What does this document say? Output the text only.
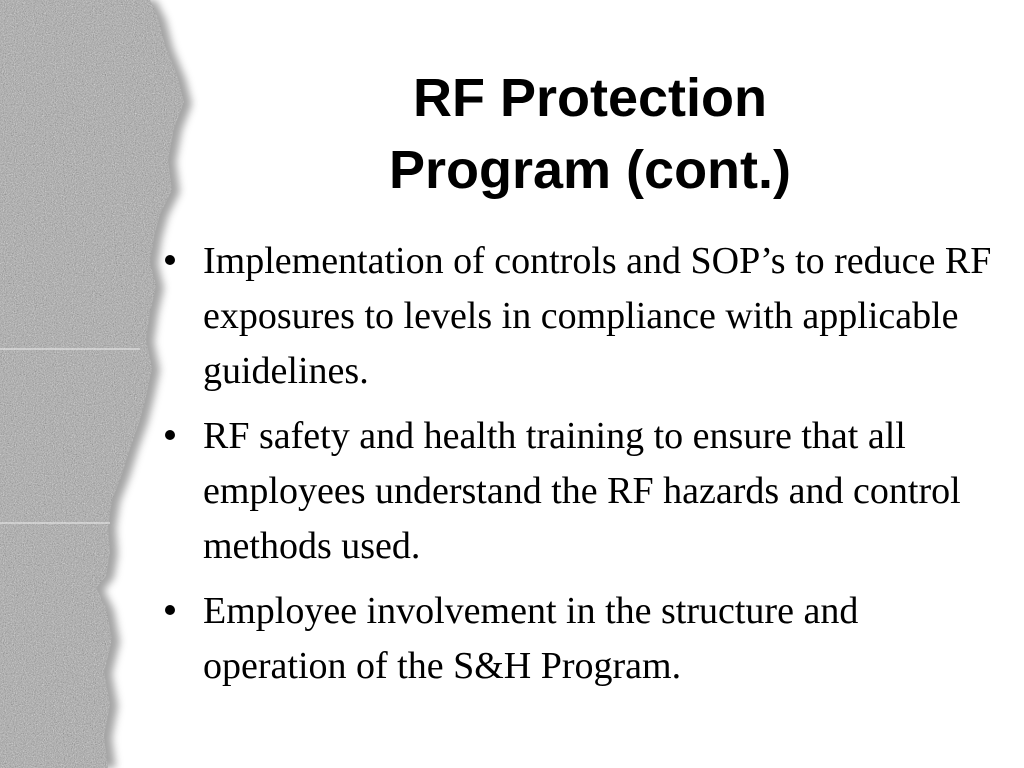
RF Protection
Program (cont.)
Implementation of controls and SOP’s to reduce RF exposures to levels in compliance with applicable guidelines.
RF safety and health training to ensure that all employees understand the RF hazards and control methods used.
Employee involvement in the structure and operation of the S&H Program.
